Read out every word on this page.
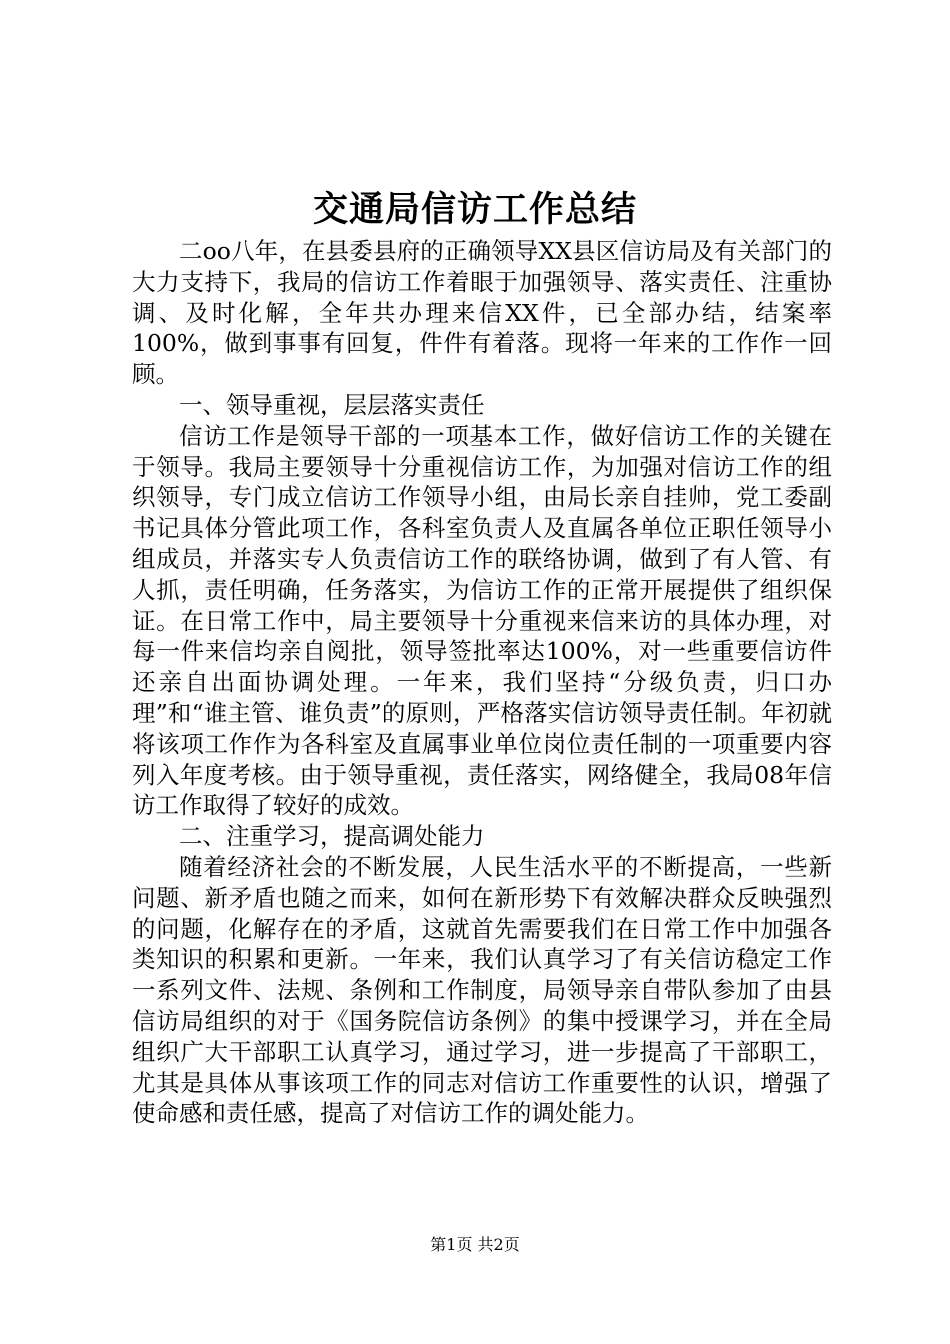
交通局信访工作总结

二oo八年，在县委县府的正确领导XX县区信访局及有关部门的大力支持下，我局的信访工作着眼于加强领导、落实责任、注重协调、及时化解，全年共办理来信XX件，已全部办结，结案率100%，做到事事有回复，件件有着落。现将一年来的工作作一回顾。

一、领导重视，层层落实责任

信访工作是领导干部的一项基本工作，做好信访工作的关键在于领导。我局主要领导十分重视信访工作，为加强对信访工作的组织领导，专门成立信访工作领导小组，由局长亲自挂帅，党工委副书记具体分管此项工作，各科室负责人及直属各单位正职任领导小组成员，并落实专人负责信访工作的联络协调，做到了有人管、有人抓，责任明确，任务落实，为信访工作的正常开展提供了组织保证。在日常工作中，局主要领导十分重视来信来访的具体办理，对每一件来信均亲自阅批，领导签批率达100%，对一些重要信访件还亲自出面协调处理。一年来，我们坚持“分级负责，归口办理”和“谁主管、谁负责”的原则，严格落实信访领导责任制。年初就将该项工作作为各科室及直属事业单位岗位责任制的一项重要内容列入年度考核。由于领导重视，责任落实，网络健全，我局08年信访工作取得了较好的成效。

二、注重学习，提高调处能力

随着经济社会的不断发展，人民生活水平的不断提高，一些新问题、新矛盾也随之而来，如何在新形势下有效解决群众反映强烈的问题，化解存在的矛盾，这就首先需要我们在日常工作中加强各类知识的积累和更新。一年来，我们认真学习了有关信访稳定工作一系列文件、法规、条例和工作制度，局领导亲自带队参加了由县信访局组织的对于《国务院信访条例》的集中授课学习，并在全局组织广大干部职工认真学习，通过学习，进一步提高了干部职工，尤其是具体从事该项工作的同志对信访工作重要性的认识，增强了使命感和责任感，提高了对信访工作的调处能力。

第1页 共2页
